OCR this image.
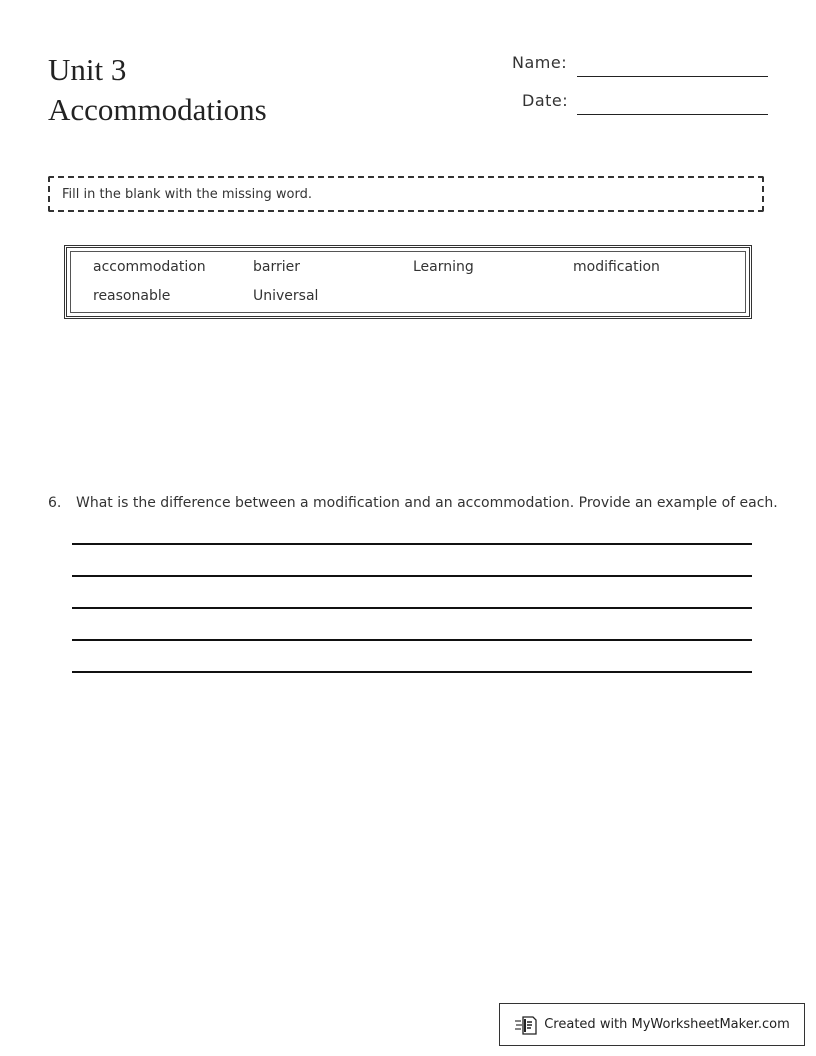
Unit 3
Accommodations
Name:
Date:
Fill in the blank with the missing word.
accommodation	barrier	Learning	modification
reasonable	Universal
6. What is the difference between a modification and an accommodation. Provide an example of each.
Created with MyWorksheetMaker.com
